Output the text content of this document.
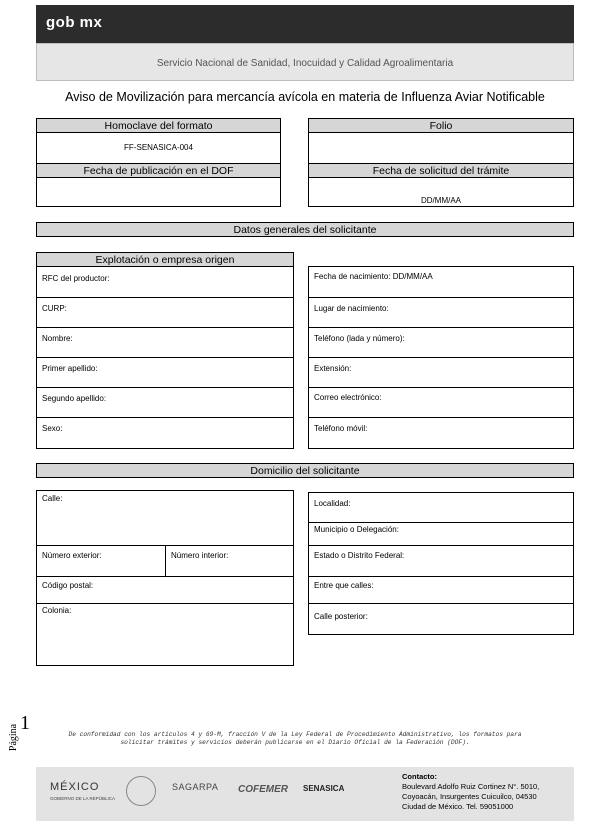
gob mx
Servicio Nacional de Sanidad, Inocuidad y Calidad Agroalimentaria
Aviso de Movilización para mercancía avícola en materia de Influenza Aviar Notificable
Homoclave del formato
FF-SENASICA-004
Fecha de publicación en el DOF
Folio
Fecha de solicitud del trámite
DD/MM/AA
Datos generales del solicitante
Explotación o empresa origen
RFC del productor:
CURP:
Nombre:
Primer apellido:
Segundo apellido:
Sexo:
Fecha de nacimiento: DD/MM/AA
Lugar de nacimiento:
Teléfono (lada y número):
Extensión:
Correo electrónico:
Teléfono móvil:
Domicilio del solicitante
Calle:
Número exterior:	Número interior:
Código postal:
Colonia:
Localidad:
Municipio o Delegación:
Estado o Distrito Federal:
Entre que calles:
Calle posterior:
Página
1
De conformidad con los artículos 4 y 69-M, fracción V de la Ley Federal de Procedimiento Administrativo, los formatos para solicitar trámites y servicios deberán publicarse en el Diario Oficial de la Federación (DOF).
MÉXICO
GOBIERNO DE LA REPÚBLICA
SAGARPA COFEMER SENASICA
Contacto:
Boulevard Adolfo Ruiz Cortinez N°. 5010,
Coyoacán, Insurgentes Cuicuilco, 04530
Ciudad de México. Tel. 59051000
